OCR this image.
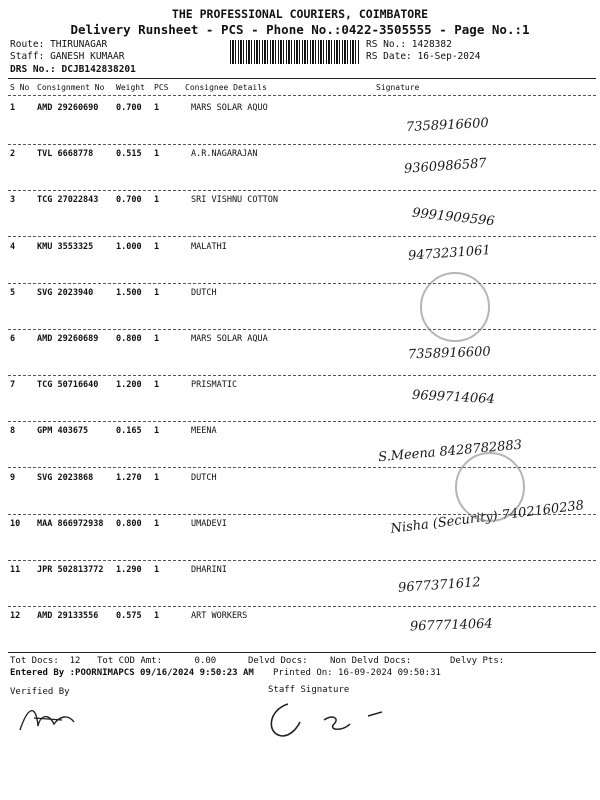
THE PROFESSIONAL COURIERS, COIMBATORE
Delivery Runsheet - PCS - Phone No.:0422-3505555 - Page No.:1
Route: THIRUNAGAR
Staff: GANESH KUMAAR
DRS No.: DCJB142838201
RS No.: 1428382
RS Date: 16-Sep-2024
S No Consignment No Weight PCS Consignee Details	Signature
1	AMD 29260690 0.700 1	MARS SOLAR AQUO
7358916600
2	TVL 6668778	0.515 1	A.R.NAGARAJAN
9360986587
3	TCG 27022843 0.700 1	SRI VISHNU COTTON
9991909596
4	KMU 3553325	1.000 1	MALATHI	9473231061
5	SVG 2023940	1.500 1	DUTCH
6	AMD 29260689 0.800 1	MARS SOLAR AQUA
7358916600
7	TCG 50716640 1.200 1	PRISMATIC
9699714064
8	GPM 403675	0.165 1	MEENA
S.Meena 8428782883
9	SVG 2023868	1.270 1	DUTCH
10 MAA 866972938 0.800 1	UMADEVI	Nisha (Security) 7402160238
11 JPR 502813772 1.290 1	DHARINI
9677371612
12 AMD 29133556 0.575 1	ART WORKERS
9677714064
Tot Docs:  12 Tot COD Amt:      0.00	Delvd Docs: Non Delvd Docs:	Delvy Pts:
Entered By :POORNIMAPCS 09/16/2024 9:50:23 AM Printed On: 16-09-2024 09:50:31
Verified By	Staff Signature
